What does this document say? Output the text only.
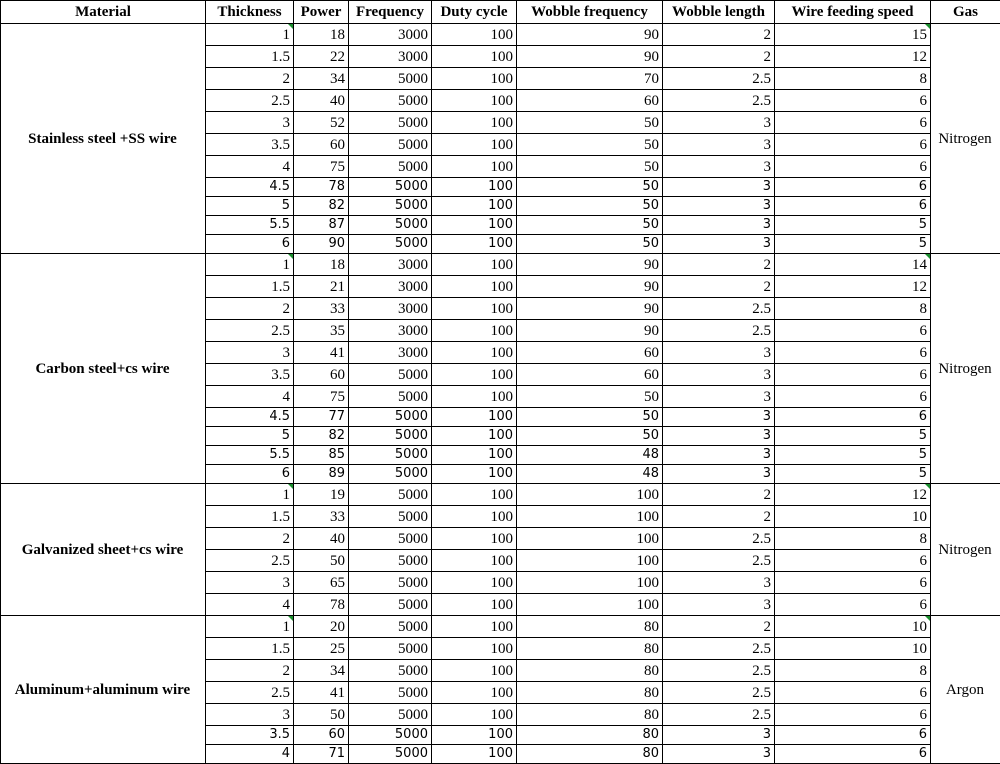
Material	Thickness	Power	Frequency	Duty cycle	Wobble frequency	Wobble length	Wire feeding speed	Gas
Stainless steel +SS wire	1	18	3000	100	90	2	15	Nitrogen
	1.5	22	3000	100	90	2	12	
	2	34	5000	100	70	2.5	8	
	2.5	40	5000	100	60	2.5	6	
	3	52	5000	100	50	3	6	
	3.5	60	5000	100	50	3	6	
	4	75	5000	100	50	3	6	
	4.5	78	5000	100	50	3	6	
	5	82	5000	100	50	3	6	
	5.5	87	5000	100	50	3	5	
	6	90	5000	100	50	3	5	
Carbon steel+cs wire	1	18	3000	100	90	2	14	Nitrogen
	1.5	21	3000	100	90	2	12	
	2	33	3000	100	90	2.5	8	
	2.5	35	3000	100	90	2.5	6	
	3	41	3000	100	60	3	6	
	3.5	60	5000	100	60	3	6	
	4	75	5000	100	50	3	6	
	4.5	77	5000	100	50	3	6	
	5	82	5000	100	50	3	5	
	5.5	85	5000	100	48	3	5	
	6	89	5000	100	48	3	5	
Galvanized sheet+cs wire	1	19	5000	100	100	2	12	Nitrogen
	1.5	33	5000	100	100	2	10	
	2	40	5000	100	100	2.5	8	
	2.5	50	5000	100	100	2.5	6	
	3	65	5000	100	100	3	6	
	4	78	5000	100	100	3	6	
Aluminum+aluminum wire	1	20	5000	100	80	2	10	Argon
	1.5	25	5000	100	80	2.5	10	
	2	34	5000	100	80	2.5	8	
	2.5	41	5000	100	80	2.5	6	
	3	50	5000	100	80	2.5	6	
	3.5	60	5000	100	80	3	6	
	4	71	5000	100	80	3	6	
